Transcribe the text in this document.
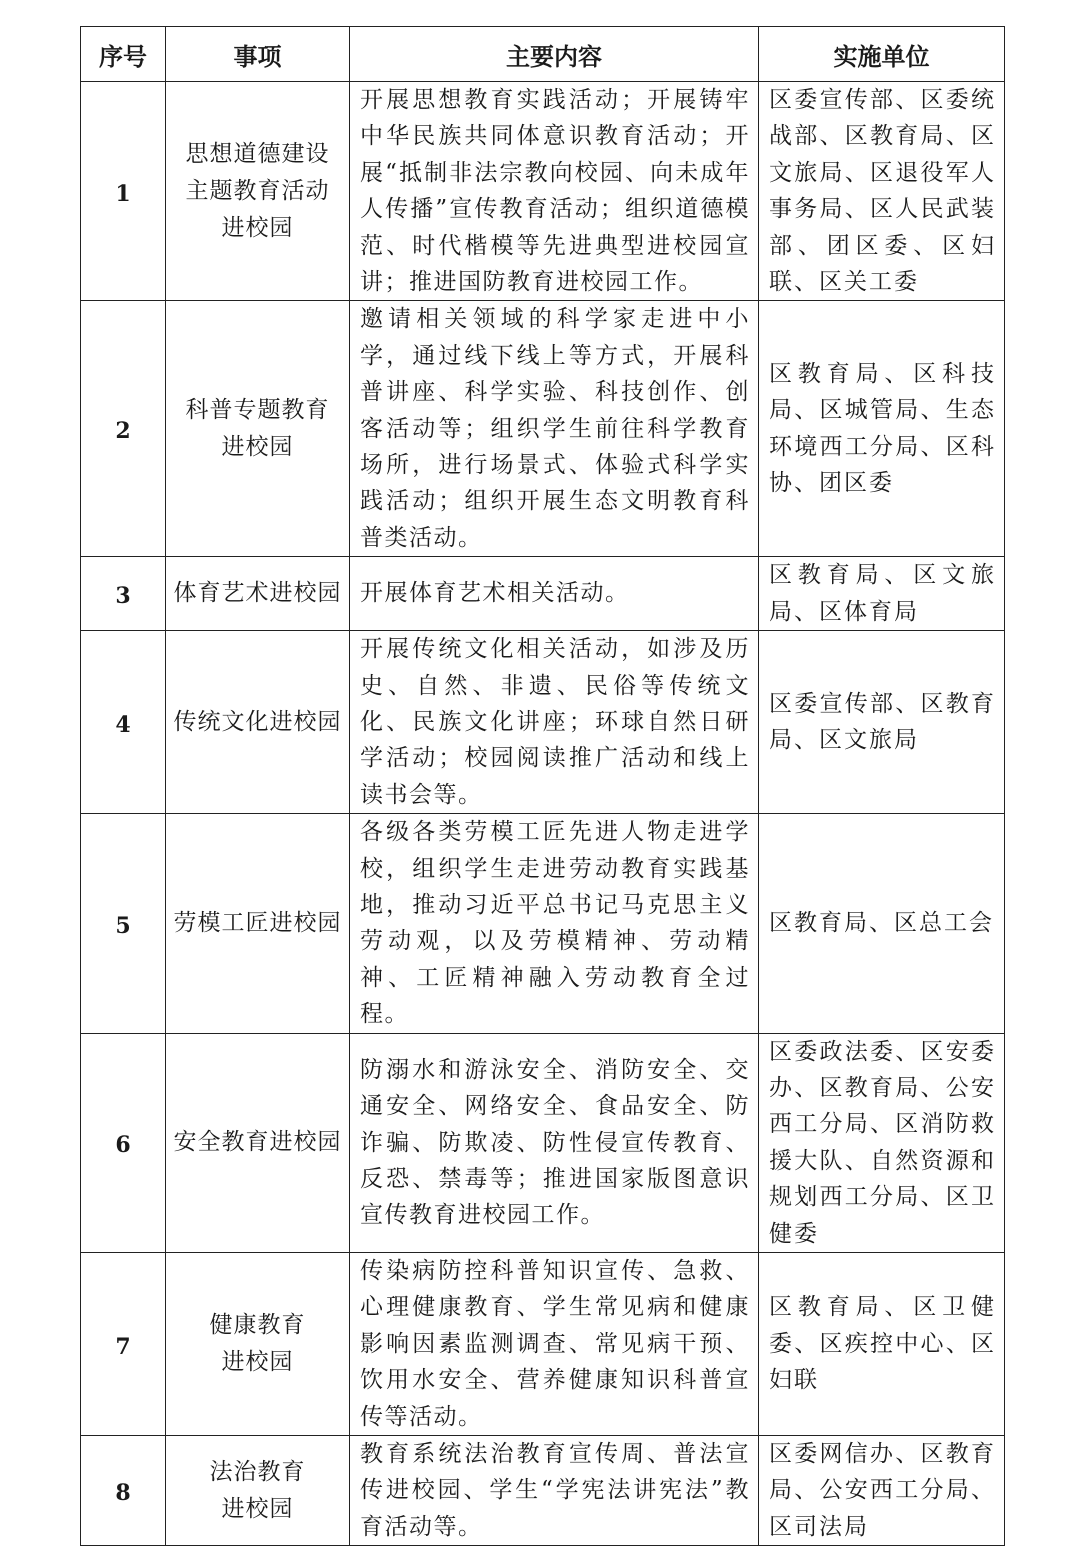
序号	事项	主要内容	实施单位
1	思想道德建设主题教育活动进校园	开展思想教育实践活动；开展铸牢中华民族共同体意识教育活动；开展“抵制非法宗教向校园、向未成年人传播”宣传教育活动；组织道德模范、时代楷模等先进典型进校园宣讲；推进国防教育进校园工作。	区委宣传部、区委统战部、区教育局、区文旅局、区退役军人事务局、区人民武装部、团区委、区妇联、区关工委
2	科普专题教育进校园	邀请相关领域的科学家走进中小学，通过线下线上等方式，开展科普讲座、科学实验、科技创作、创客活动等；组织学生前往科学教育场所，进行场景式、体验式科学实践活动；组织开展生态文明教育科普类活动。	区教育局、区科技局、区城管局、生态环境西工分局、区科协、团区委
3	体育艺术进校园	开展体育艺术相关活动。	区教育局、区文旅局、区体育局
4	传统文化进校园	开展传统文化相关活动，如涉及历史、自然、非遗、民俗等传统文化、民族文化讲座；环球自然日研学活动；校园阅读推广活动和线上读书会等。	区委宣传部、区教育局、区文旅局
5	劳模工匠进校园	各级各类劳模工匠先进人物走进学校，组织学生走进劳动教育实践基地，推动习近平总书记马克思主义劳动观，以及劳模精神、劳动精神、工匠精神融入劳动教育全过程。	区教育局、区总工会
6	安全教育进校园	防溺水和游泳安全、消防安全、交通安全、网络安全、食品安全、防诈骗、防欺凌、防性侵宣传教育、反恐、禁毒等；推进国家版图意识宣传教育进校园工作。	区委政法委、区安委办、区教育局、公安西工分局、区消防救援大队、自然资源和规划西工分局、区卫健委
7	健康教育进校园	传染病防控科普知识宣传、急救、心理健康教育、学生常见病和健康影响因素监测调查、常见病干预、饮用水安全、营养健康知识科普宣传等活动。	区教育局、区卫健委、区疾控中心、区妇联
8	法治教育进校园	教育系统法治教育宣传周、普法宣传进校园、学生“学宪法讲宪法”教育活动等。	区委网信办、区教育局、公安西工分局、区司法局
